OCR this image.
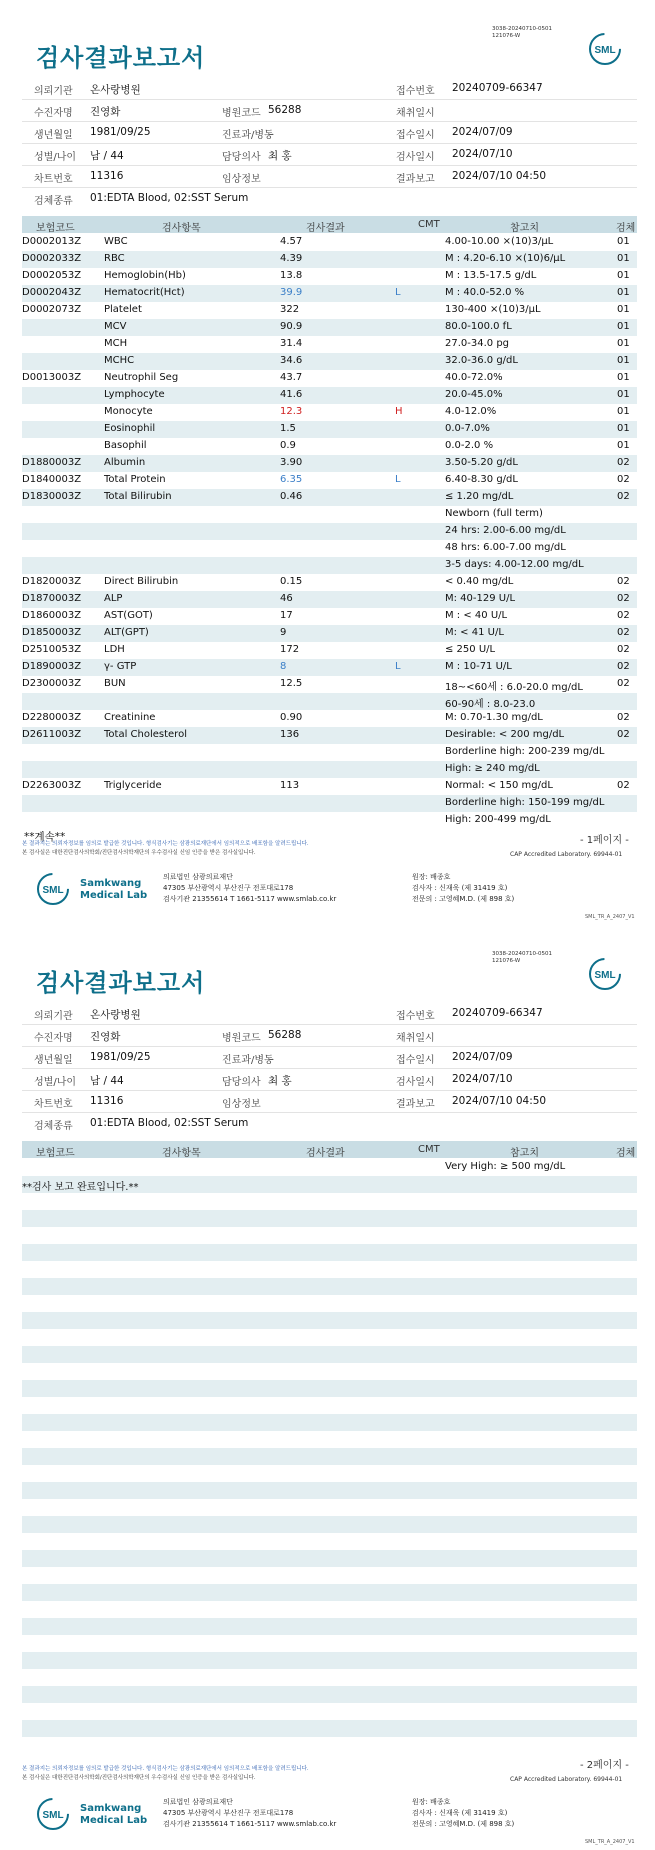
검사결과보고서
3038-20240710-0501
121076-W
SML
의뢰기관 온사랑병원	접수번호 20240709-66347
수진자명 진영화	병원코드 56288	채취일시
생년월일 1981/09/25	진료과/병동	접수일시 2024/07/09
성별/나이 남 / 44	담당의사 최 홍	검사일시 2024/07/10
차트번호 11316	임상정보	결과보고 2024/07/10 04:50
검체종류 01:EDTA Blood, 02:SST Serum
보험코드	검사항목	검사결과	CMT	참고치	검체
D0002013Z WBC	4.57	4.00-10.00 ×(10)3/μL	01
D0002033Z RBC	4.39	M : 4.20-6.10 ×(10)6/μL	01
D0002053Z Hemoglobin(Hb)	13.8	M : 13.5-17.5 g/dL	01
D0002043Z Hematocrit(Hct)	39.9	L	M : 40.0-52.0 %	01
D0002073Z Platelet	322	130-400 ×(10)3/μL	01
MCV	90.9	80.0-100.0 fL	01
MCH	31.4	27.0-34.0 pg	01
MCHC	34.6	32.0-36.0 g/dL	01
D0013003Z Neutrophil Seg	43.7	40.0-72.0%	01
Lymphocyte	41.6	20.0-45.0%	01
Monocyte	12.3	H	4.0-12.0%	01
Eosinophil	1.5	0.0-7.0%	01
Basophil	0.9	0.0-2.0 %	01
D1880003Z Albumin	3.90	3.50-5.20 g/dL	02
D1840003Z Total Protein	6.35	L	6.40-8.30 g/dL	02
D1830003Z Total Bilirubin	0.46	≤ 1.20 mg/dL	02
Newborn (full term)
24 hrs: 2.00-6.00 mg/dL
48 hrs: 6.00-7.00 mg/dL
3-5 days: 4.00-12.00 mg/dL
D1820003Z Direct Bilirubin	0.15	< 0.40 mg/dL	02
D1870003Z ALP	46	M: 40-129 U/L	02
D1860003Z AST(GOT)	17	M : < 40 U/L	02
D1850003Z ALT(GPT)	9	M: < 41 U/L	02
D2510053Z LDH	172	≤ 250 U/L	02
D1890003Z γ- GTP	8	L	M : 10-71 U/L	02
D2300003Z BUN	12.5	18~<60세 : 6.0-20.0 mg/dL	02
60-90세 : 8.0-23.0
D2280003Z Creatinine	0.90	M: 0.70-1.30 mg/dL	02
D2611003Z Total Cholesterol	136	Desirable: < 200 mg/dL	02
Borderline high: 200-239 mg/dL
High: ≥ 240 mg/dL
D2263003Z Triglyceride	113	Normal: < 150 mg/dL	02
Borderline high: 150-199 mg/dL
High: 200-499 mg/dL
**계속**
본 결과지는 의뢰자정보를 임의로 발급한 것입니다. 형식검사기는 삼광의료재단에서 임의적으로 배포함을 알려드립니다.
본 검사실은 대한진단검사의학회/진단검사의학재단의 우수검사실 신임 인증을 받은 검사실입니다.
- 1페이지 -
CAP Accredited Laboratory. 69944-01
SML
Samkwang
Medical Lab
의료법인 삼광의료재단
47305 부산광역시 부산진구 전포대로178
검사기관 21355614 T 1661-5117 www.smlab.co.kr
원장: 배종호
검사자 : 신재욱 (제 31419 호)
전문의 : 고영혜M.D. (제 898 호)
SML_TR_A_2407_V1
검사결과보고서
3038-20240710-0501
121076-W
SML
의뢰기관 온사랑병원	접수번호 20240709-66347
수진자명 진영화	병원코드 56288	채취일시
생년월일 1981/09/25	진료과/병동	접수일시 2024/07/09
성별/나이 남 / 44	담당의사 최 홍	검사일시 2024/07/10
차트번호 11316	임상정보	결과보고 2024/07/10 04:50
검체종류 01:EDTA Blood, 02:SST Serum
보험코드	검사항목	검사결과	CMT	참고치	검체
Very High: ≥ 500 mg/dL
**검사 보고 완료입니다.**
본 결과지는 의뢰자정보를 임의로 발급한 것입니다. 형식검사기는 삼광의료재단에서 임의적으로 배포함을 알려드립니다.
본 검사실은 대한진단검사의학회/진단검사의학재단의 우수검사실 신임 인증을 받은 검사실입니다.
- 2페이지 -
CAP Accredited Laboratory. 69944-01
SML
Samkwang
Medical Lab
의료법인 삼광의료재단
47305 부산광역시 부산진구 전포대로178
검사기관 21355614 T 1661-5117 www.smlab.co.kr
원장: 배종호
검사자 : 신재욱 (제 31419 호)
전문의 : 고영혜M.D. (제 898 호)
SML_TR_A_2407_V1
